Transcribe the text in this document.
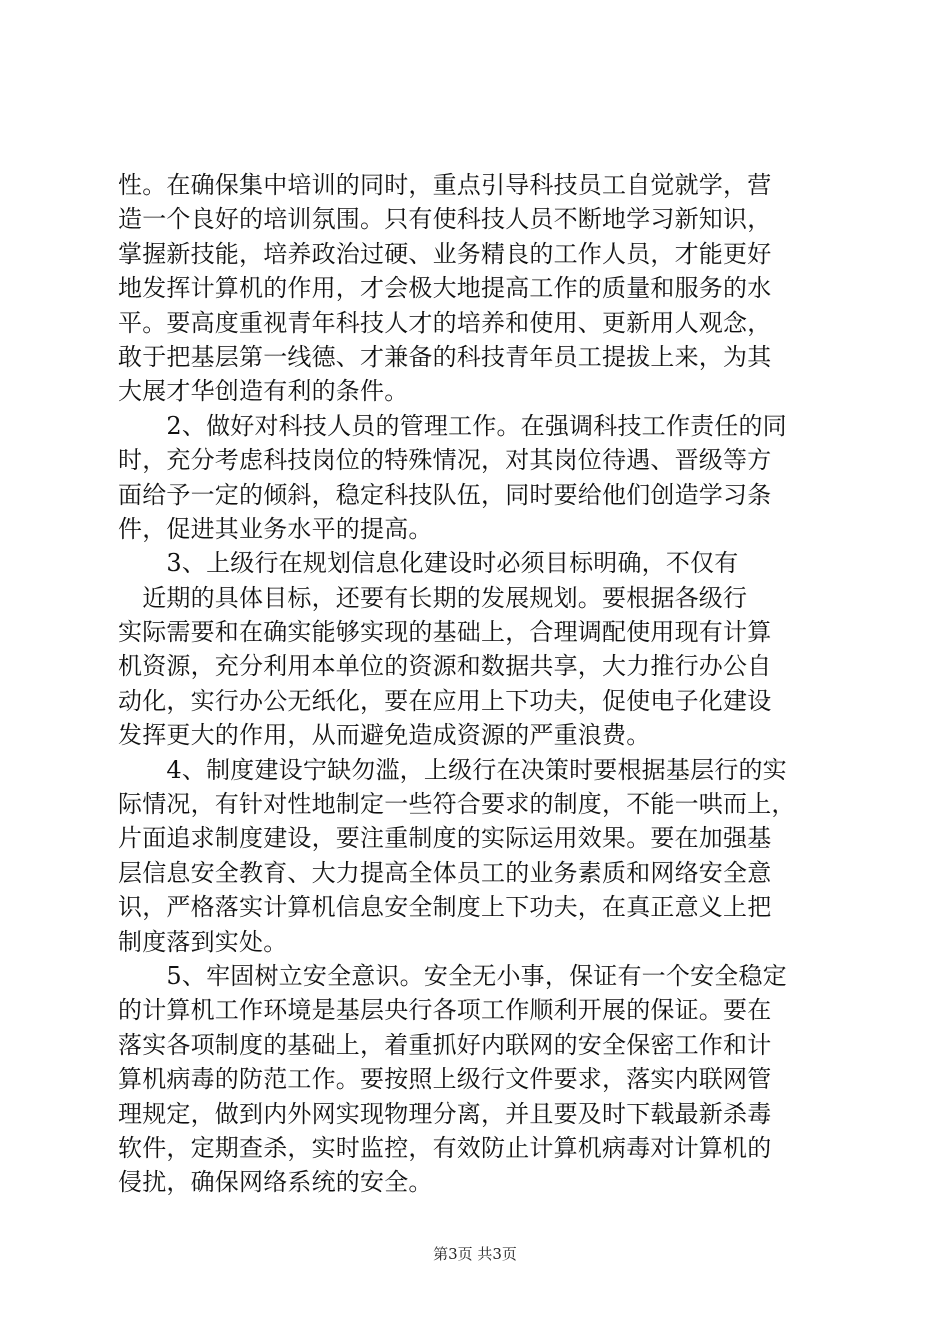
性。在确保集中培训的同时，重点引导科技员工自觉就学，营
造一个良好的培训氛围。只有使科技人员不断地学习新知识，
掌握新技能，培养政治过硬、业务精良的工作人员，才能更好
地发挥计算机的作用，才会极大地提高工作的质量和服务的水
平。要高度重视青年科技人才的培养和使用、更新用人观念，
敢于把基层第一线德、才兼备的科技青年员工提拔上来，为其
大展才华创造有利的条件。
　　2、做好对科技人员的管理工作。在强调科技工作责任的同
时，充分考虑科技岗位的特殊情况，对其岗位待遇、晋级等方
面给予一定的倾斜，稳定科技队伍，同时要给他们创造学习条
件，促进其业务水平的提高。
　　3、上级行在规划信息化建设时必须目标明确，不仅有
　近期的具体目标，还要有长期的发展规划。要根据各级行
实际需要和在确实能够实现的基础上，合理调配使用现有计算
机资源，充分利用本单位的资源和数据共享，大力推行办公自
动化，实行办公无纸化，要在应用上下功夫，促使电子化建设
发挥更大的作用，从而避免造成资源的严重浪费。
　　4、制度建设宁缺勿滥，上级行在决策时要根据基层行的实
际情况，有针对性地制定一些符合要求的制度，不能一哄而上，
片面追求制度建设，要注重制度的实际运用效果。要在加强基
层信息安全教育、大力提高全体员工的业务素质和网络安全意
识，严格落实计算机信息安全制度上下功夫，在真正意义上把
制度落到实处。
　　5、牢固树立安全意识。安全无小事，保证有一个安全稳定
的计算机工作环境是基层央行各项工作顺利开展的保证。要在
落实各项制度的基础上，着重抓好内联网的安全保密工作和计
算机病毒的防范工作。要按照上级行文件要求，落实内联网管
理规定，做到内外网实现物理分离，并且要及时下载最新杀毒
软件，定期查杀，实时监控，有效防止计算机病毒对计算机的
侵扰，确保网络系统的安全。
第3页 共3页
